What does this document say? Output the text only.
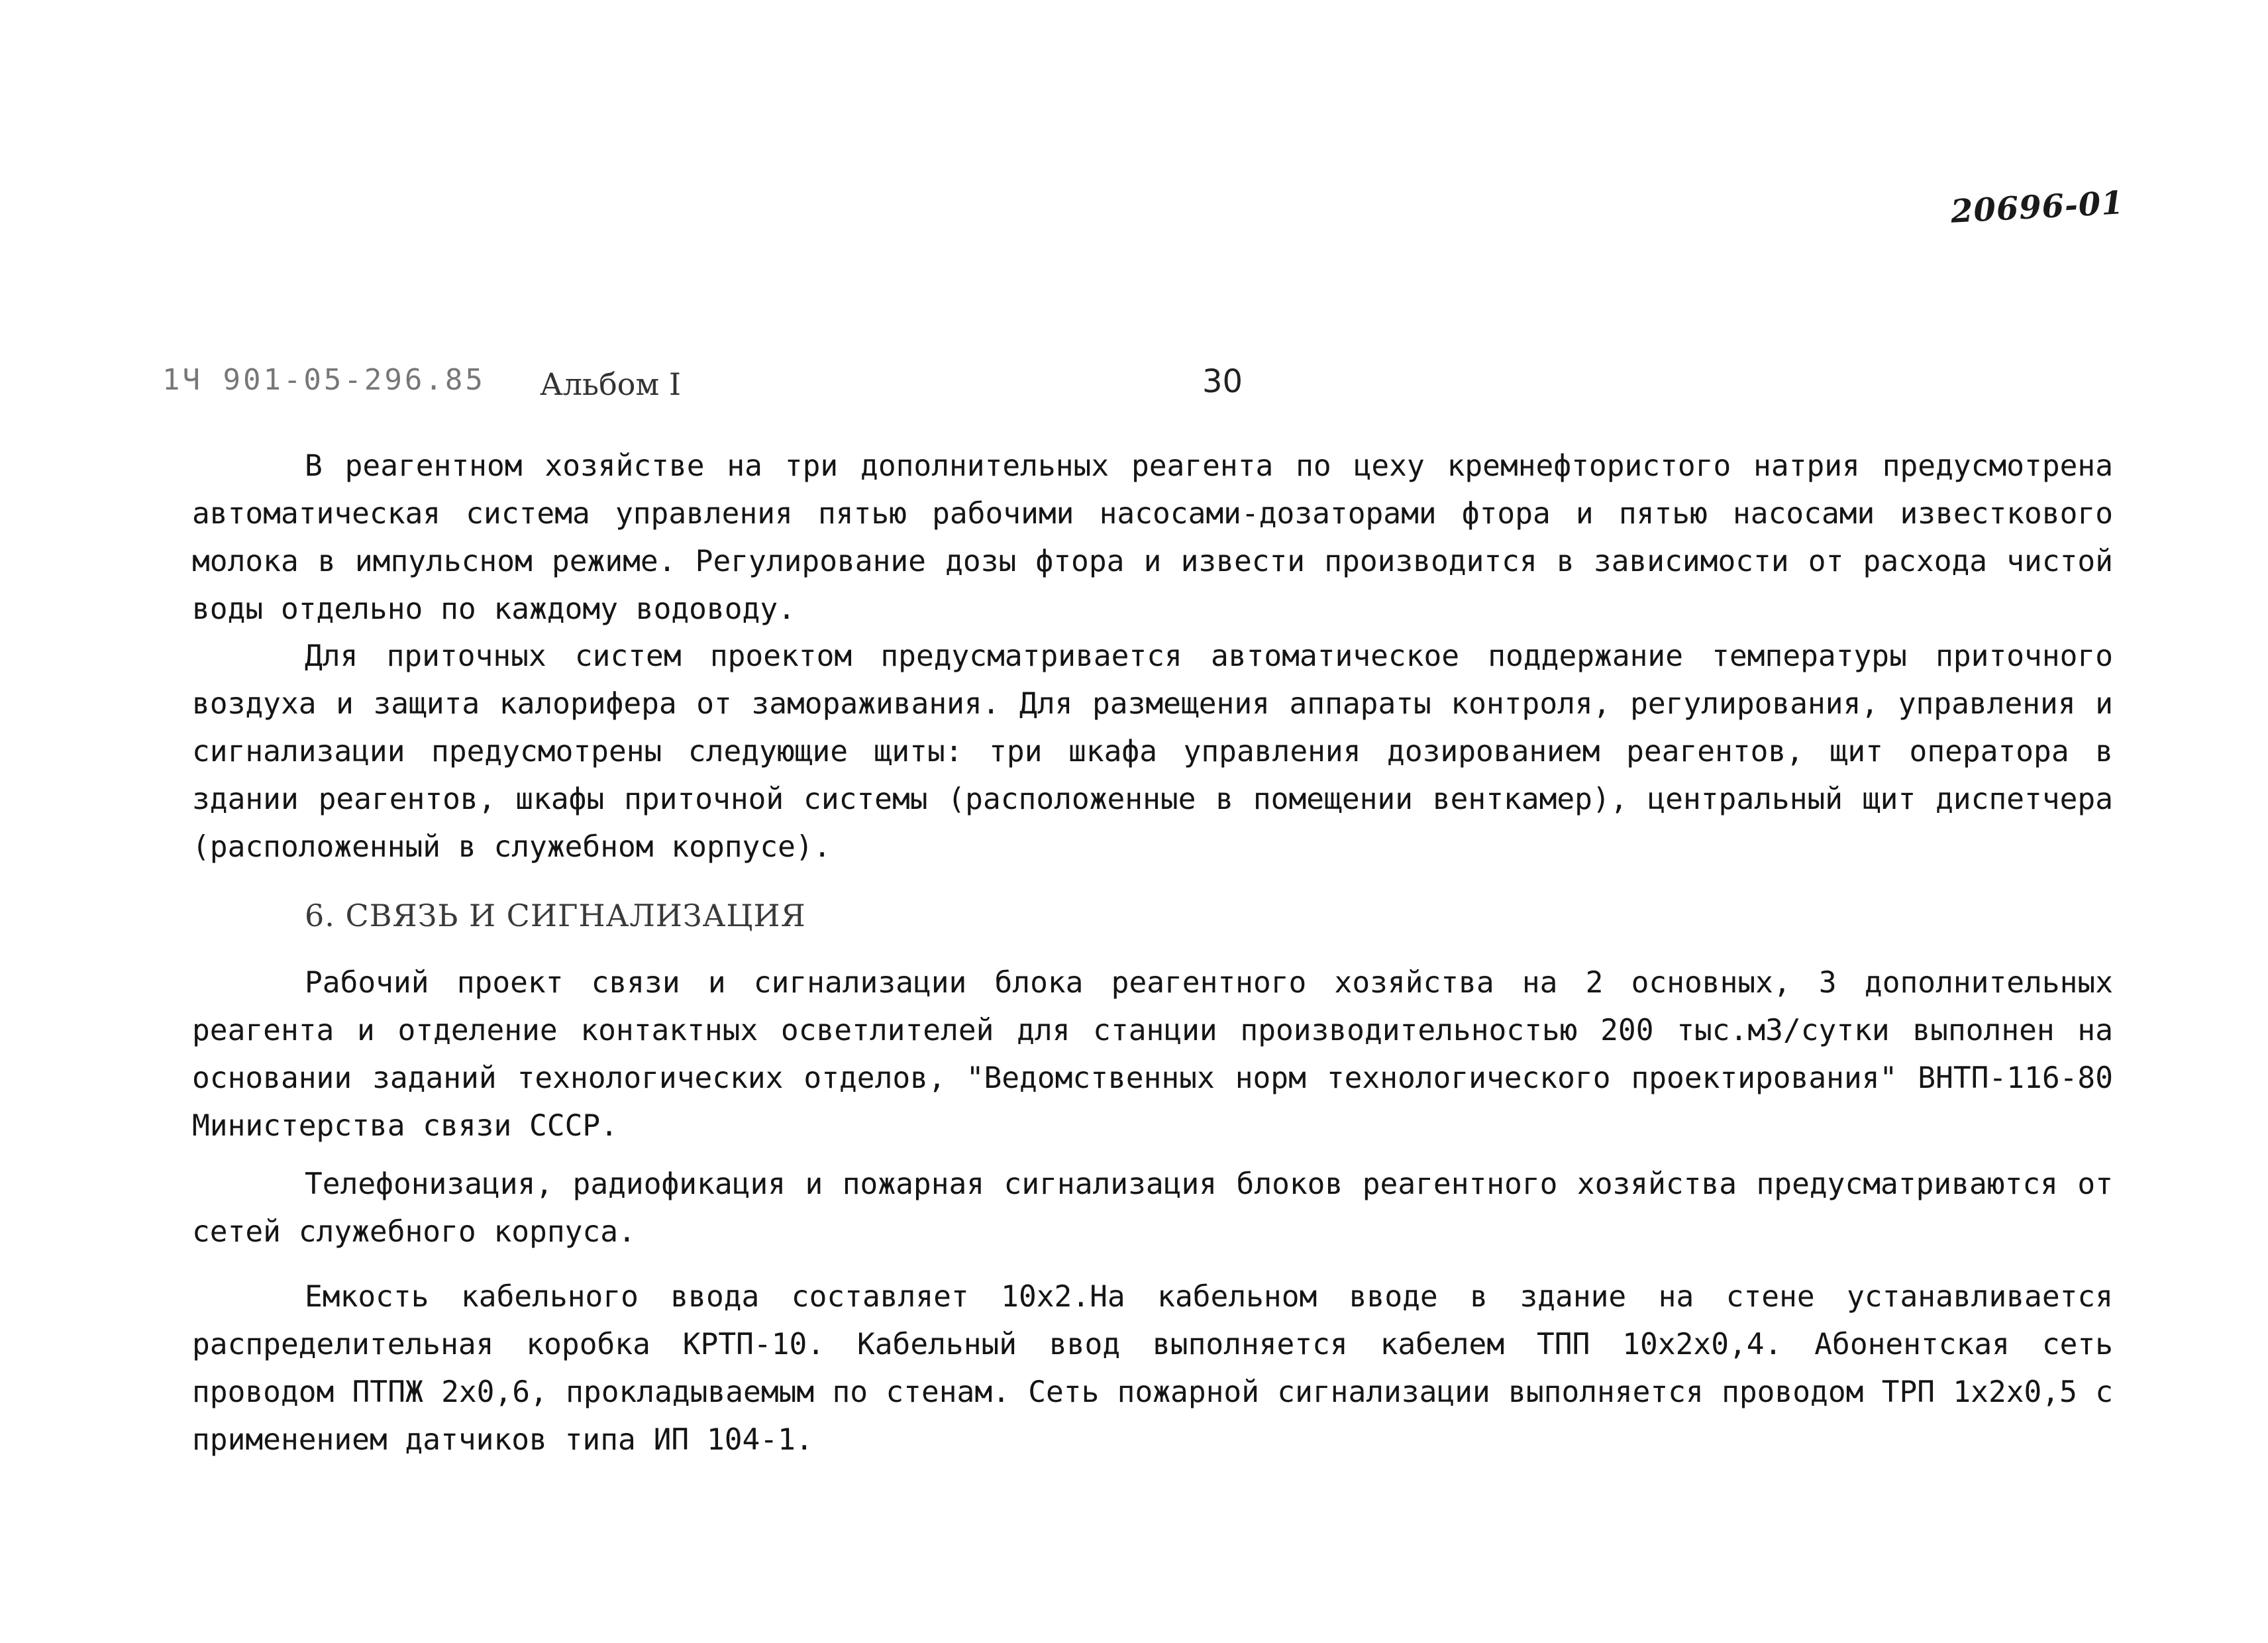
20696-01
1Ч 901-05-296.85 Альбом I	30

В реагентном хозяйстве на три дополнительных реагента по цеху кремнефтористого натрия предусмотрена автоматическая система управления пятью рабочими насосами-дозаторами фтора и пятью насосами известкового молока в импульсном режиме. Регулирование дозы фтора и извести производится в зависимости от расхода чистой воды отдельно по каждому водоводу.

Для приточных систем проектом предусматривается автоматическое поддержание температуры приточного воздуха и защита калорифера от замораживания. Для размещения аппараты контроля, регулирования, управления и сигнализации предусмотрены следующие щиты: три шкафа управления дозированием реагентов, щит оператора в здании реагентов, шкафы приточной системы (расположенные в помещении венткамер), центральный щит диспетчера (расположенный в служебном корпусе).

6. СВЯЗЬ И СИГНАЛИЗАЦИЯ

Рабочий проект связи и сигнализации блока реагентного хозяйства на 2 основных, 3 дополнительных реагента и отделение контактных осветлителей для станции производительностью 200 тыс.м3/сутки выполнен на основании заданий технологических отделов, "Ведомственных норм технологического проектирования" ВНТП-116-80 Министерства связи СССР.

Телефонизация, радиофикация и пожарная сигнализация блоков реагентного хозяйства предусматриваются от сетей служебного корпуса.

Емкость кабельного ввода составляет 10х2.На кабельном вводе в здание на стене устанавливается распределительная коробка КРТП-10. Кабельный ввод выполняется кабелем ТПП 10х2х0,4. Абонентская сеть проводом ПТПЖ 2х0,6, прокладываемым по стенам. Сеть пожарной сигнализации выполняется проводом ТРП 1х2х0,5 с применением датчиков типа ИП 104-1.
